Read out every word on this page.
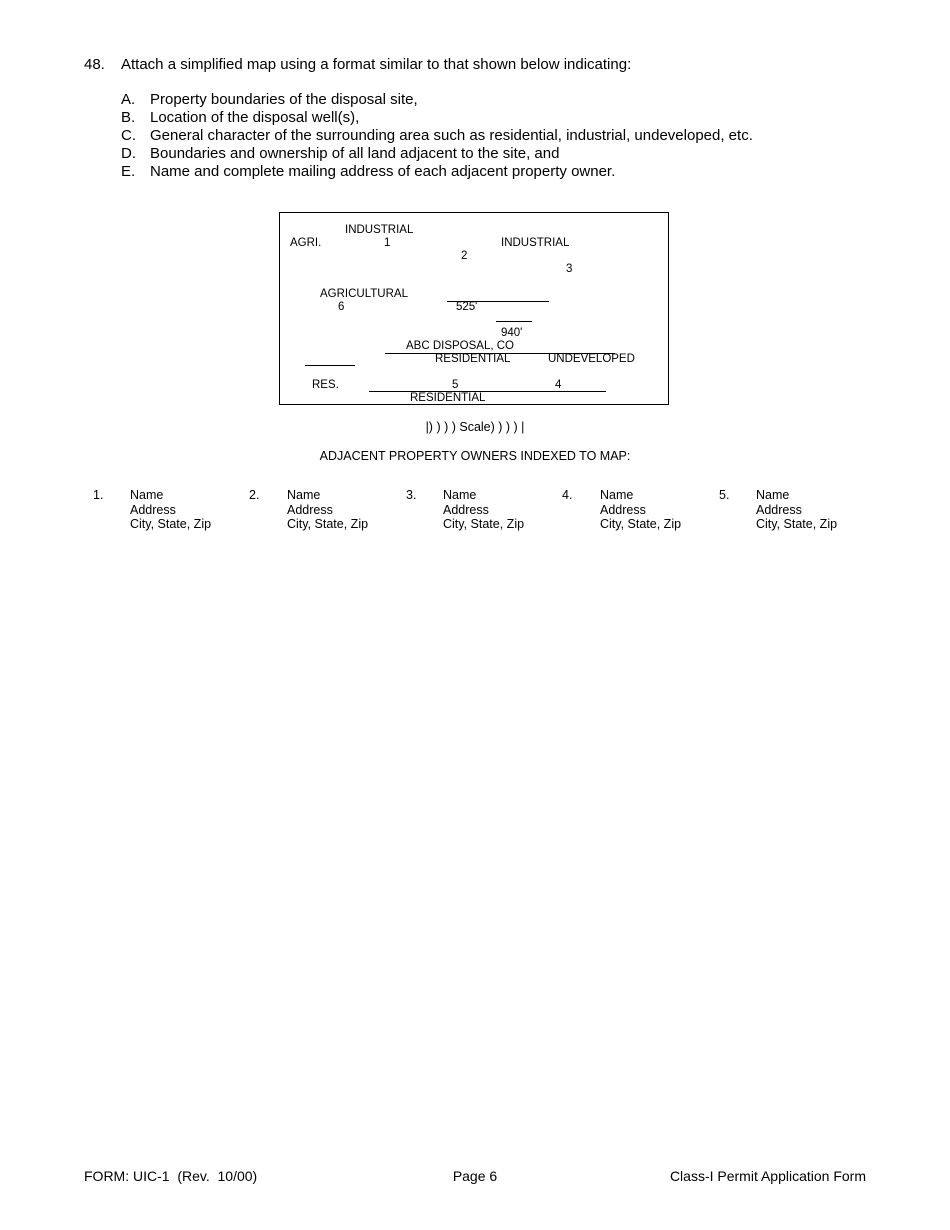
48. Attach a simplified map using a format similar to that shown below indicating:
A. Property boundaries of the disposal site,
B. Location of the disposal well(s),
C. General character of the surrounding area such as residential, industrial, undeveloped, etc.
D. Boundaries and ownership of all land adjacent to the site, and
E. Name and complete mailing address of each adjacent property owner.
INDUSTRIAL
AGRI.	1	INDUSTRIAL
2
3
AGRICULTURAL
6	525'
940'
ABC DISPOSAL, CO
RESIDENTIAL	UNDEVELOPED
RES.	5	4
RESIDENTIAL
|) ) ) ) Scale) ) ) ) |
ADJACENT PROPERTY OWNERS INDEXED TO MAP:
1. Name
Address
City, State, Zip
2. Name
Address
City, State, Zip
3. Name
Address
City, State, Zip
4. Name
Address
City, State, Zip
5. Name
Address
City, State, Zip
FORM: UIC-1  (Rev.  10/00)	Page 6	Class-I Permit Application Form
